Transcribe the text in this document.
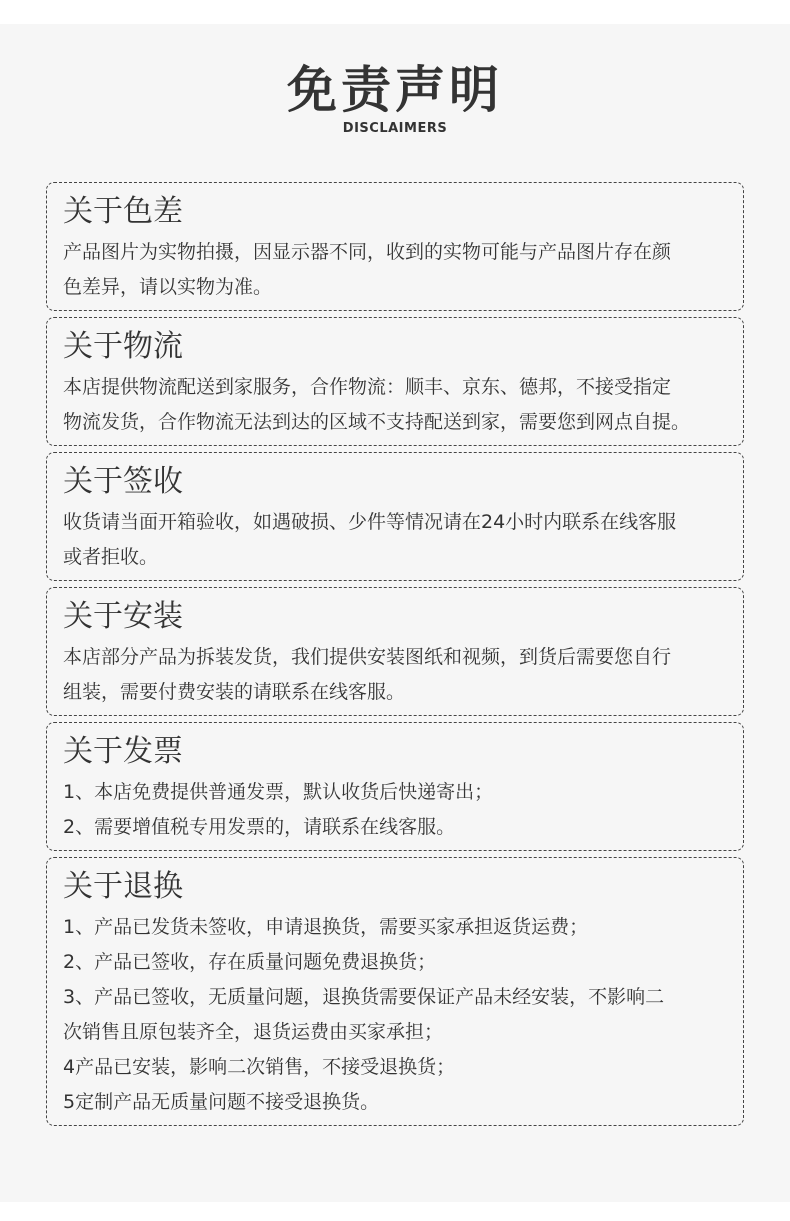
免责声明
DISCLAIMERS
关于色差
产品图片为实物拍摄，因显示器不同，收到的实物可能与产品图片存在颜
色差异，请以实物为准。
关于物流
本店提供物流配送到家服务，合作物流：顺丰、京东、德邦，不接受指定
物流发货，合作物流无法到达的区域不支持配送到家，需要您到网点自提。
关于签收
收货请当面开箱验收，如遇破损、少件等情况请在24小时内联系在线客服
或者拒收。
关于安装
本店部分产品为拆装发货，我们提供安装图纸和视频，到货后需要您自行
组装，需要付费安装的请联系在线客服。
关于发票
1、本店免费提供普通发票，默认收货后快递寄出；
2、需要增值税专用发票的，请联系在线客服。
关于退换
1、产品已发货未签收，申请退换货，需要买家承担返货运费；
2、产品已签收，存在质量问题免费退换货；
3、产品已签收，无质量问题，退换货需要保证产品未经安装，不影响二
次销售且原包装齐全，退货运费由买家承担；
4产品已安装，影响二次销售，不接受退换货；
5定制产品无质量问题不接受退换货。
